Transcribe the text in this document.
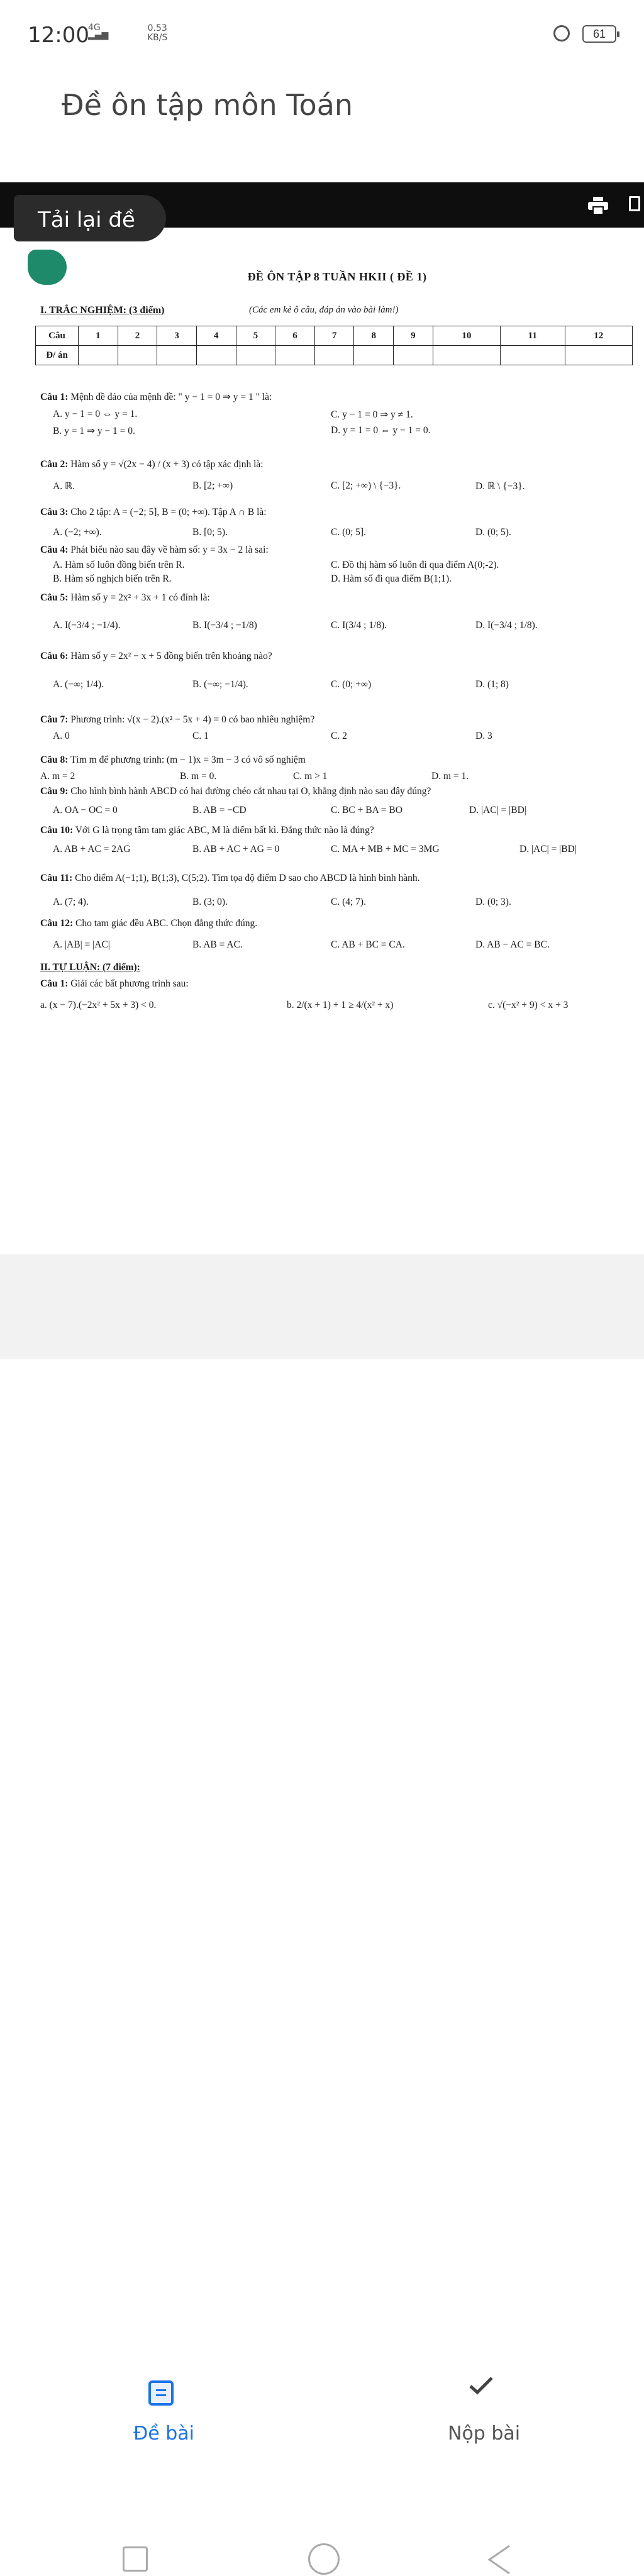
12:00
4G
▂▄▆
0.53
KB/S	61
Đề ôn tập môn Toán
Tải lại đề
ĐỀ ÔN TẬP 8 TUẦN HKII ( ĐỀ 1)
I. TRẮC NGHIỆM: (3 điểm)	(Các em kẻ ô câu, đáp án vào bài làm!)
Câu	1	2	3	4	5	6	7	8	9	10	11	12
Đ/ án												
Câu 1: Mệnh đề đảo của mệnh đề: " y − 1 = 0 ⇒ y = 1 " là:
A. y − 1 = 0 ⇔ y = 1.	C. y − 1 = 0 ⇒ y ≠ 1.
B. y = 1 ⇒ y − 1 = 0.	D. y = 1 = 0 ⇔ y − 1 = 0.
Câu 2: Hàm số y = √(2x − 4) / (x + 3) có tập xác định là:
A. ℝ.	B. [2; +∞)	C. [2; +∞) \ {−3}.	D. ℝ \ {−3}.
Câu 3: Cho 2 tập: A = (−2; 5], B = (0; +∞). Tập A ∩ B là:
A. (−2; +∞).	B. [0; 5).	C. (0; 5].	D. (0; 5).
Câu 4: Phát biểu nào sau đây về hàm số: y = 3x − 2 là sai:
A. Hàm số luôn đồng biến trên R.	C. Đồ thị hàm số luôn đi qua điểm A(0;-2).
B. Hàm số nghịch biến trên R.	D. Hàm số đi qua điểm B(1;1).
Câu 5: Hàm số y = 2x² + 3x + 1 có đỉnh là:
A. I(−3/4 ; −1/4).	B. I(−3/4 ; −1/8)	C. I(3/4 ; 1/8).	D. I(−3/4 ; 1/8).
Câu 6: Hàm số y = 2x² − x + 5 đồng biến trên khoảng nào?
A. (−∞; 1/4).	B. (−∞; −1/4).	C. (0; +∞)	D. (1; 8)
Câu 7: Phương trình: √(x − 2).(x² − 5x + 4) = 0 có bao nhiêu nghiệm?
A. 0	C. 1	C. 2	D. 3
Câu 8: Tìm m để phương trình: (m − 1)x = 3m − 3 có vô số nghiệm
A. m = 2	B. m = 0.	C. m > 1	D. m = 1.
Câu 9: Cho hình bình hành ABCD có hai đường chéo cắt nhau tại O, khẳng định nào sau đây đúng?
A. OA − OC = 0	B. AB = −CD	C. BC + BA = BO	D. |AC| = |BD|
Câu 10: Với G là trọng tâm tam giác ABC, M là điểm bất kì. Đẳng thức nào là đúng?
A. AB + AC = 2AG	B. AB + AC + AG = 0	C. MA + MB + MC = 3MG	D. |AC| = |BD|
Câu 11: Cho điểm A(−1;1), B(1;3), C(5;2). Tìm tọa độ điểm D sao cho ABCD là hình bình hành.
A. (7; 4).	B. (3; 0).	C. (4; 7).	D. (0; 3).
Câu 12: Cho tam giác đều ABC. Chọn đẳng thức đúng.
A. |AB| = |AC|	B. AB = AC.	C. AB + BC = CA.	D. AB − AC = BC.
II. TỰ LUẬN: (7 điểm):
Câu 1: Giải các bất phương trình sau:
a. (x − 7).(−2x² + 5x + 3) < 0.	b. 2/(x + 1) + 1 ≥ 4/(x² + x)	c. √(−x² + 9) < x + 3
Đề bài	Nộp bài
